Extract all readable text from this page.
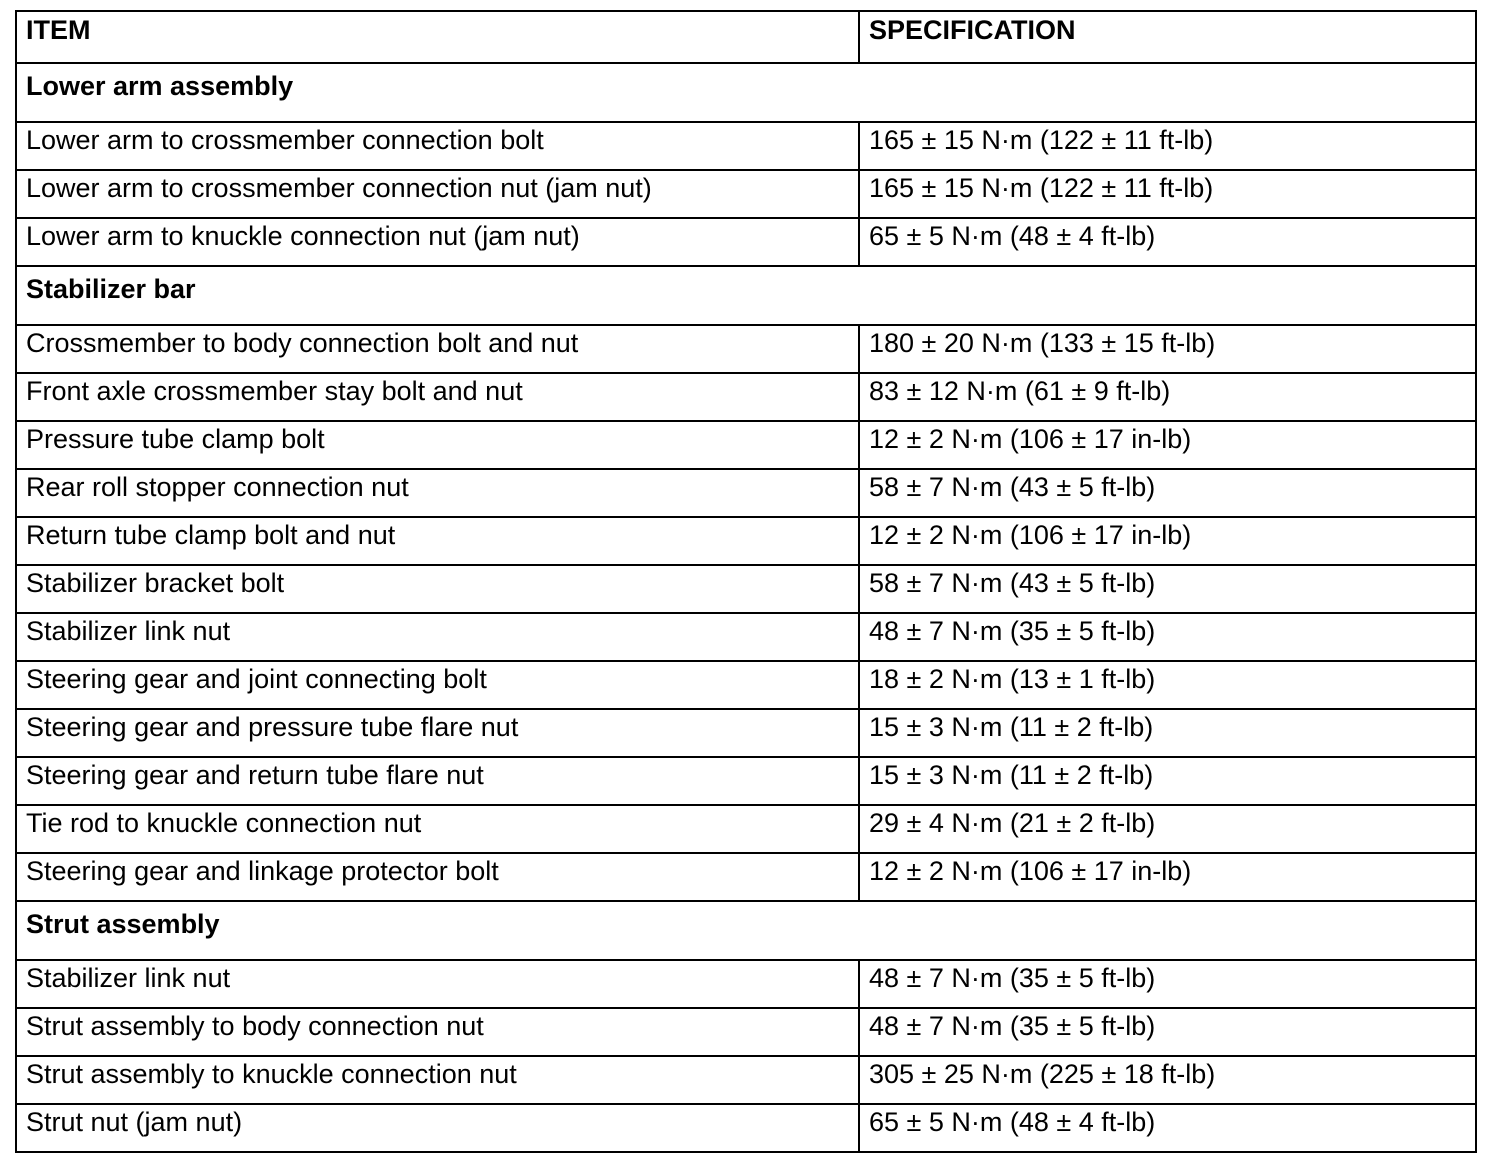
ITEM	SPECIFICATION
Lower arm assembly	
Lower arm to crossmember connection bolt	165 ± 15 N·m (122 ± 11 ft-lb)
Lower arm to crossmember connection nut (jam nut)	165 ± 15 N·m (122 ± 11 ft-lb)
Lower arm to knuckle connection nut (jam nut)	65 ± 5 N·m (48 ± 4 ft-lb)
Stabilizer bar	
Crossmember to body connection bolt and nut	180 ± 20 N·m (133 ± 15 ft-lb)
Front axle crossmember stay bolt and nut	83 ± 12 N·m (61 ± 9 ft-lb)
Pressure tube clamp bolt	12 ± 2 N·m (106 ± 17 in-lb)
Rear roll stopper connection nut	58 ± 7 N·m (43 ± 5 ft-lb)
Return tube clamp bolt and nut	12 ± 2 N·m (106 ± 17 in-lb)
Stabilizer bracket bolt	58 ± 7 N·m (43 ± 5 ft-lb)
Stabilizer link nut	48 ± 7 N·m (35 ± 5 ft-lb)
Steering gear and joint connecting bolt	18 ± 2 N·m (13 ± 1 ft-lb)
Steering gear and pressure tube flare nut	15 ± 3 N·m (11 ± 2 ft-lb)
Steering gear and return tube flare nut	15 ± 3 N·m (11 ± 2 ft-lb)
Tie rod to knuckle connection nut	29 ± 4 N·m (21 ± 2 ft-lb)
Steering gear and linkage protector bolt	12 ± 2 N·m (106 ± 17 in-lb)
Strut assembly	
Stabilizer link nut	48 ± 7 N·m (35 ± 5 ft-lb)
Strut assembly to body connection nut	48 ± 7 N·m (35 ± 5 ft-lb)
Strut assembly to knuckle connection nut	305 ± 25 N·m (225 ± 18 ft-lb)
Strut nut (jam nut)	65 ± 5 N·m (48 ± 4 ft-lb)
